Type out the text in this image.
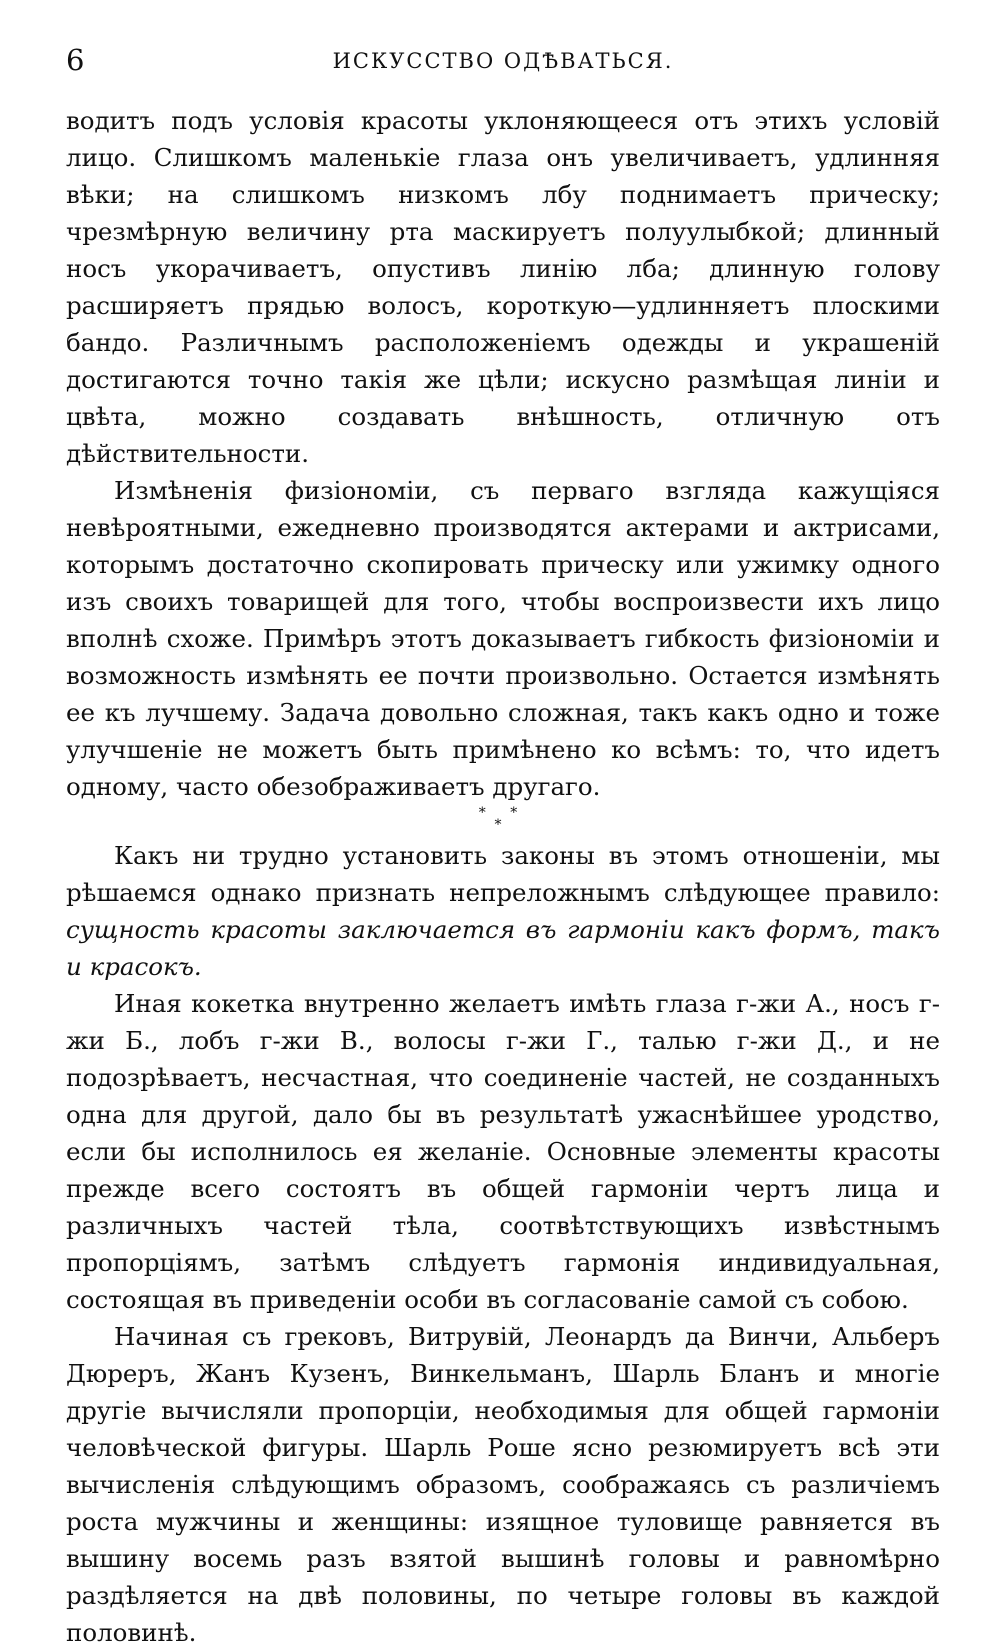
6	ИСКУССТВО ОДѢВАТЬСЯ.

водитъ подъ условія красоты уклоняющееся отъ этихъ условій лицо. Слишкомъ маленькіе глаза онъ увеличиваетъ, удлинняя вѣки; на слишкомъ низкомъ лбу поднимаетъ прическу; чрезмѣрную величину рта маскируетъ полуулыбкой; длинный носъ укорачиваетъ, опустивъ линію лба; длинную голову расширяетъ прядью волосъ, короткую—удлинняетъ плоскими бандо. Различнымъ расположеніемъ одежды и украшеній достигаются точно такія же цѣли; искусно размѣщая линіи и цвѣта, можно создавать внѣшность, отличную отъ дѣйствительности.

Измѣненія физіономіи, съ перваго взгляда кажущіяся невѣроятными, ежедневно производятся актерами и актрисами, которымъ достаточно скопировать прическу или ужимку одного изъ своихъ товарищей для того, чтобы воспроизвести ихъ лицо вполнѣ схоже. Примѣръ этотъ доказываетъ гибкость физіономіи и возможность измѣнять ее почти произвольно. Остается измѣнять ее къ лучшему. Задача довольно сложная, такъ какъ одно и тоже улучшеніе не можетъ быть примѣнено ко всѣмъ: то, что идетъ одному, часто обезображиваетъ другаго.

* *
*

Какъ ни трудно установить законы въ этомъ отношеніи, мы рѣшаемся однако признать непреложнымъ слѣдующее правило: сущность красоты заключается въ гармоніи какъ формъ, такъ и красокъ.

Иная кокетка внутренно желаетъ имѣть глаза г-жи А., носъ г-жи Б., лобъ г-жи В., волосы г-жи Г., талью г-жи Д., и не подозрѣваетъ, несчастная, что соединеніе частей, не созданныхъ одна для другой, дало бы въ результатѣ ужаснѣйшее уродство, если бы исполнилось ея желаніе. Основные элементы красоты прежде всего состоятъ въ общей гармоніи чертъ лица и различныхъ частей тѣла, соотвѣтствующихъ извѣстнымъ пропорціямъ, затѣмъ слѣдуетъ гармонія индивидуальная, состоящая въ приведеніи особи въ согласованіе самой съ собою.

Начиная съ грековъ, Витрувій, Леонардъ да Винчи, Альберъ Дюреръ, Жанъ Кузенъ, Винкельманъ, Шарль Бланъ и многіе другіе вычисляли пропорціи, необходимыя для общей гармоніи человѣческой фигуры. Шарль Роше ясно резюмируетъ всѣ эти вычисленія слѣдующимъ образомъ, соображаясь съ различіемъ роста мужчины и женщины: изящное туловище равняется въ вышину восемь разъ взятой вышинѣ головы и равномѣрно раздѣляется на двѣ половины, по четыре головы въ каждой половинѣ.
